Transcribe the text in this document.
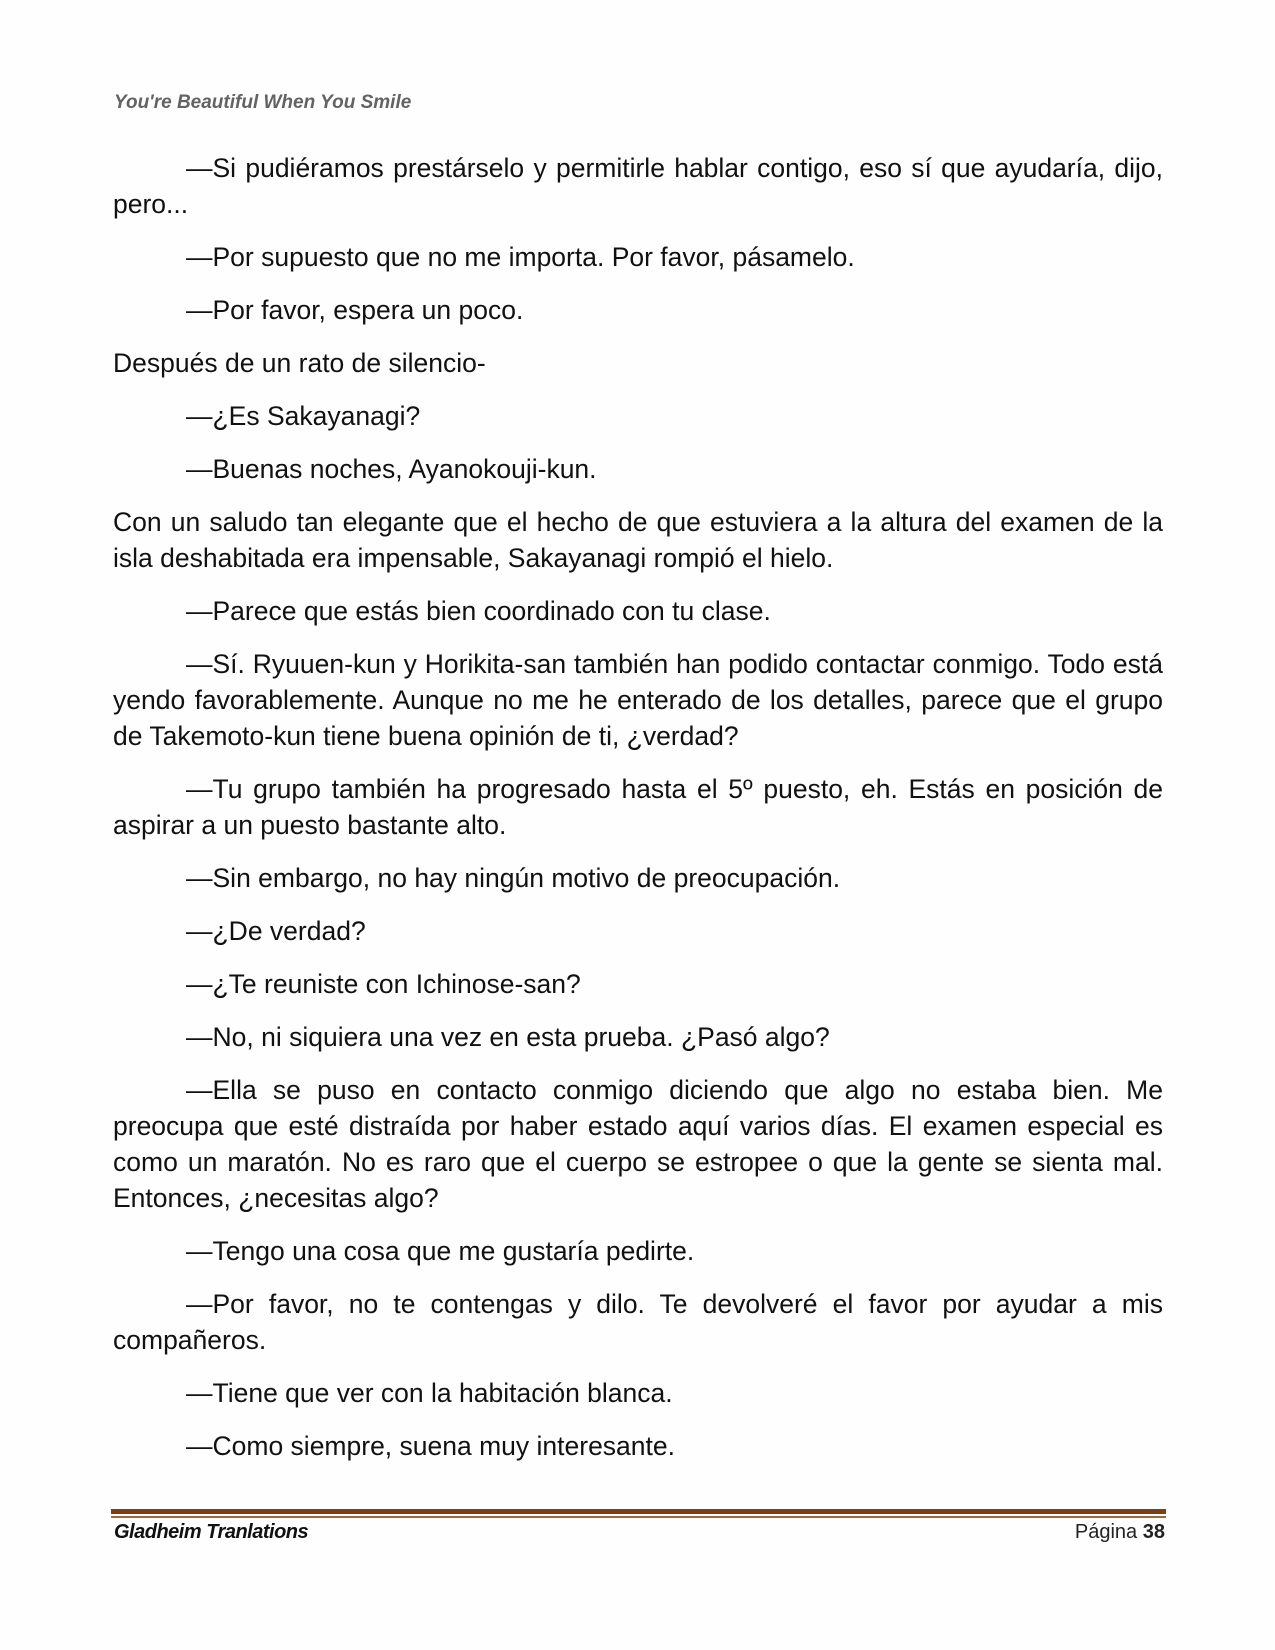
You're Beautiful When You Smile

—Si pudiéramos prestárselo y permitirle hablar contigo, eso sí que ayudaría, dijo, pero...

—Por supuesto que no me importa. Por favor, pásamelo.

—Por favor, espera un poco.

Después de un rato de silencio-

—¿Es Sakayanagi?

—Buenas noches, Ayanokouji-kun.

Con un saludo tan elegante que el hecho de que estuviera a la altura del examen de la isla deshabitada era impensable, Sakayanagi rompió el hielo.

—Parece que estás bien coordinado con tu clase.

—Sí. Ryuuen-kun y Horikita-san también han podido contactar conmigo. Todo está yendo favorablemente. Aunque no me he enterado de los detalles, parece que el grupo de Takemoto-kun tiene buena opinión de ti, ¿verdad?

—Tu grupo también ha progresado hasta el 5º puesto, eh. Estás en posición de aspirar a un puesto bastante alto.

—Sin embargo, no hay ningún motivo de preocupación.

—¿De verdad?

—¿Te reuniste con Ichinose-san?

—No, ni siquiera una vez en esta prueba. ¿Pasó algo?

—Ella se puso en contacto conmigo diciendo que algo no estaba bien. Me preocupa que esté distraída por haber estado aquí varios días. El examen especial es como un maratón. No es raro que el cuerpo se estropee o que la gente se sienta mal. Entonces, ¿necesitas algo?

—Tengo una cosa que me gustaría pedirte.

—Por favor, no te contengas y dilo. Te devolveré el favor por ayudar a mis compañeros.

—Tiene que ver con la habitación blanca.

—Como siempre, suena muy interesante.

Gladheim Tranlations	Página 38
